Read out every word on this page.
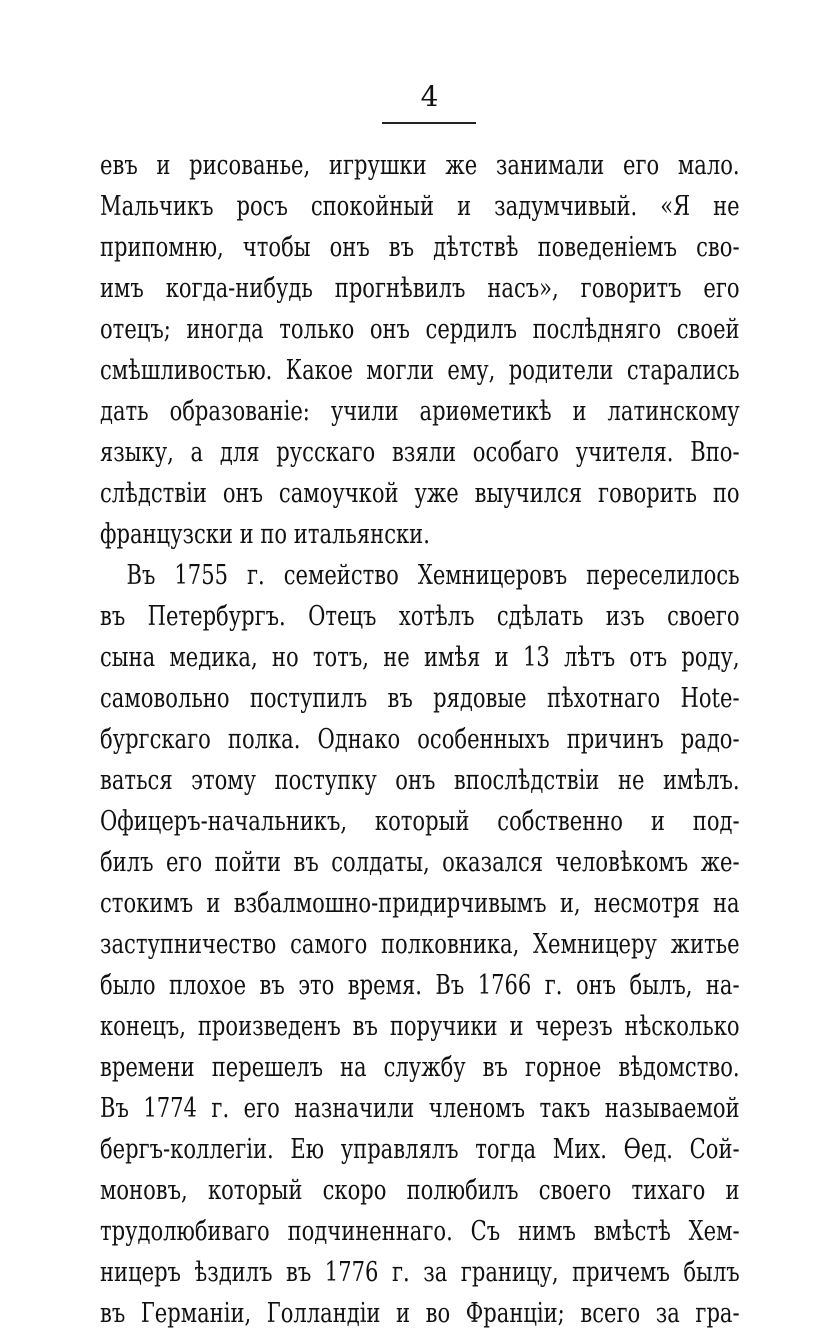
4
евъ и рисованье, игрушки же занимали его мало.
Мальчикъ росъ спокойный и задумчивый. «Я не
припомню, чтобы онъ въ дѣтствѣ поведеніемъ сво-
имъ когда-нибудь прогнѣвилъ насъ», говоритъ его
отецъ; иногда только онъ сердилъ послѣдняго своей
смѣшливостью. Какое могли ему, родители старались
дать образованіе: учили ариѳметикѣ и латинскому
языку, а для русскаго взяли особаго учителя. Впо-
слѣдствіи онъ самоучкой уже выучился говорить по
французски и по итальянски.
Въ 1755 г. семейство Хемницеровъ переселилось
въ Петербургъ. Отецъ хотѣлъ сдѣлать изъ своего
сына медика, но тотъ, не имѣя и 13 лѣтъ отъ роду,
самовольно поступилъ въ рядовые пѣхотнаго Нote-
бургскаго полка. Однако особенныхъ причинъ радо-
ваться этому поступку онъ впослѣдствіи не имѣлъ.
Офицеръ-начальникъ, который собственно и под-
билъ его пойти въ солдаты, оказался человѣкомъ же-
стокимъ и взбалмошно-придирчивымъ и, несмотря на
заступничество самого полковника, Хемницеру житье
было плохое въ это время. Въ 1766 г. онъ былъ, на-
конецъ, произведенъ въ поручики и черезъ нѣсколько
времени перешелъ на службу въ горное вѣдомство.
Въ 1774 г. его назначили членомъ такъ называемой
бергъ-коллегіи. Ею управлялъ тогда Мих. Ѳед. Сой-
моновъ, который скоро полюбилъ своего тихаго и
трудолюбиваго подчиненнаго. Съ нимъ вмѣстѣ Хем-
ницеръ ѣздилъ въ 1776 г. за границу, причемъ былъ
въ Германіи, Голландіи и во Франціи; всего за гра-
